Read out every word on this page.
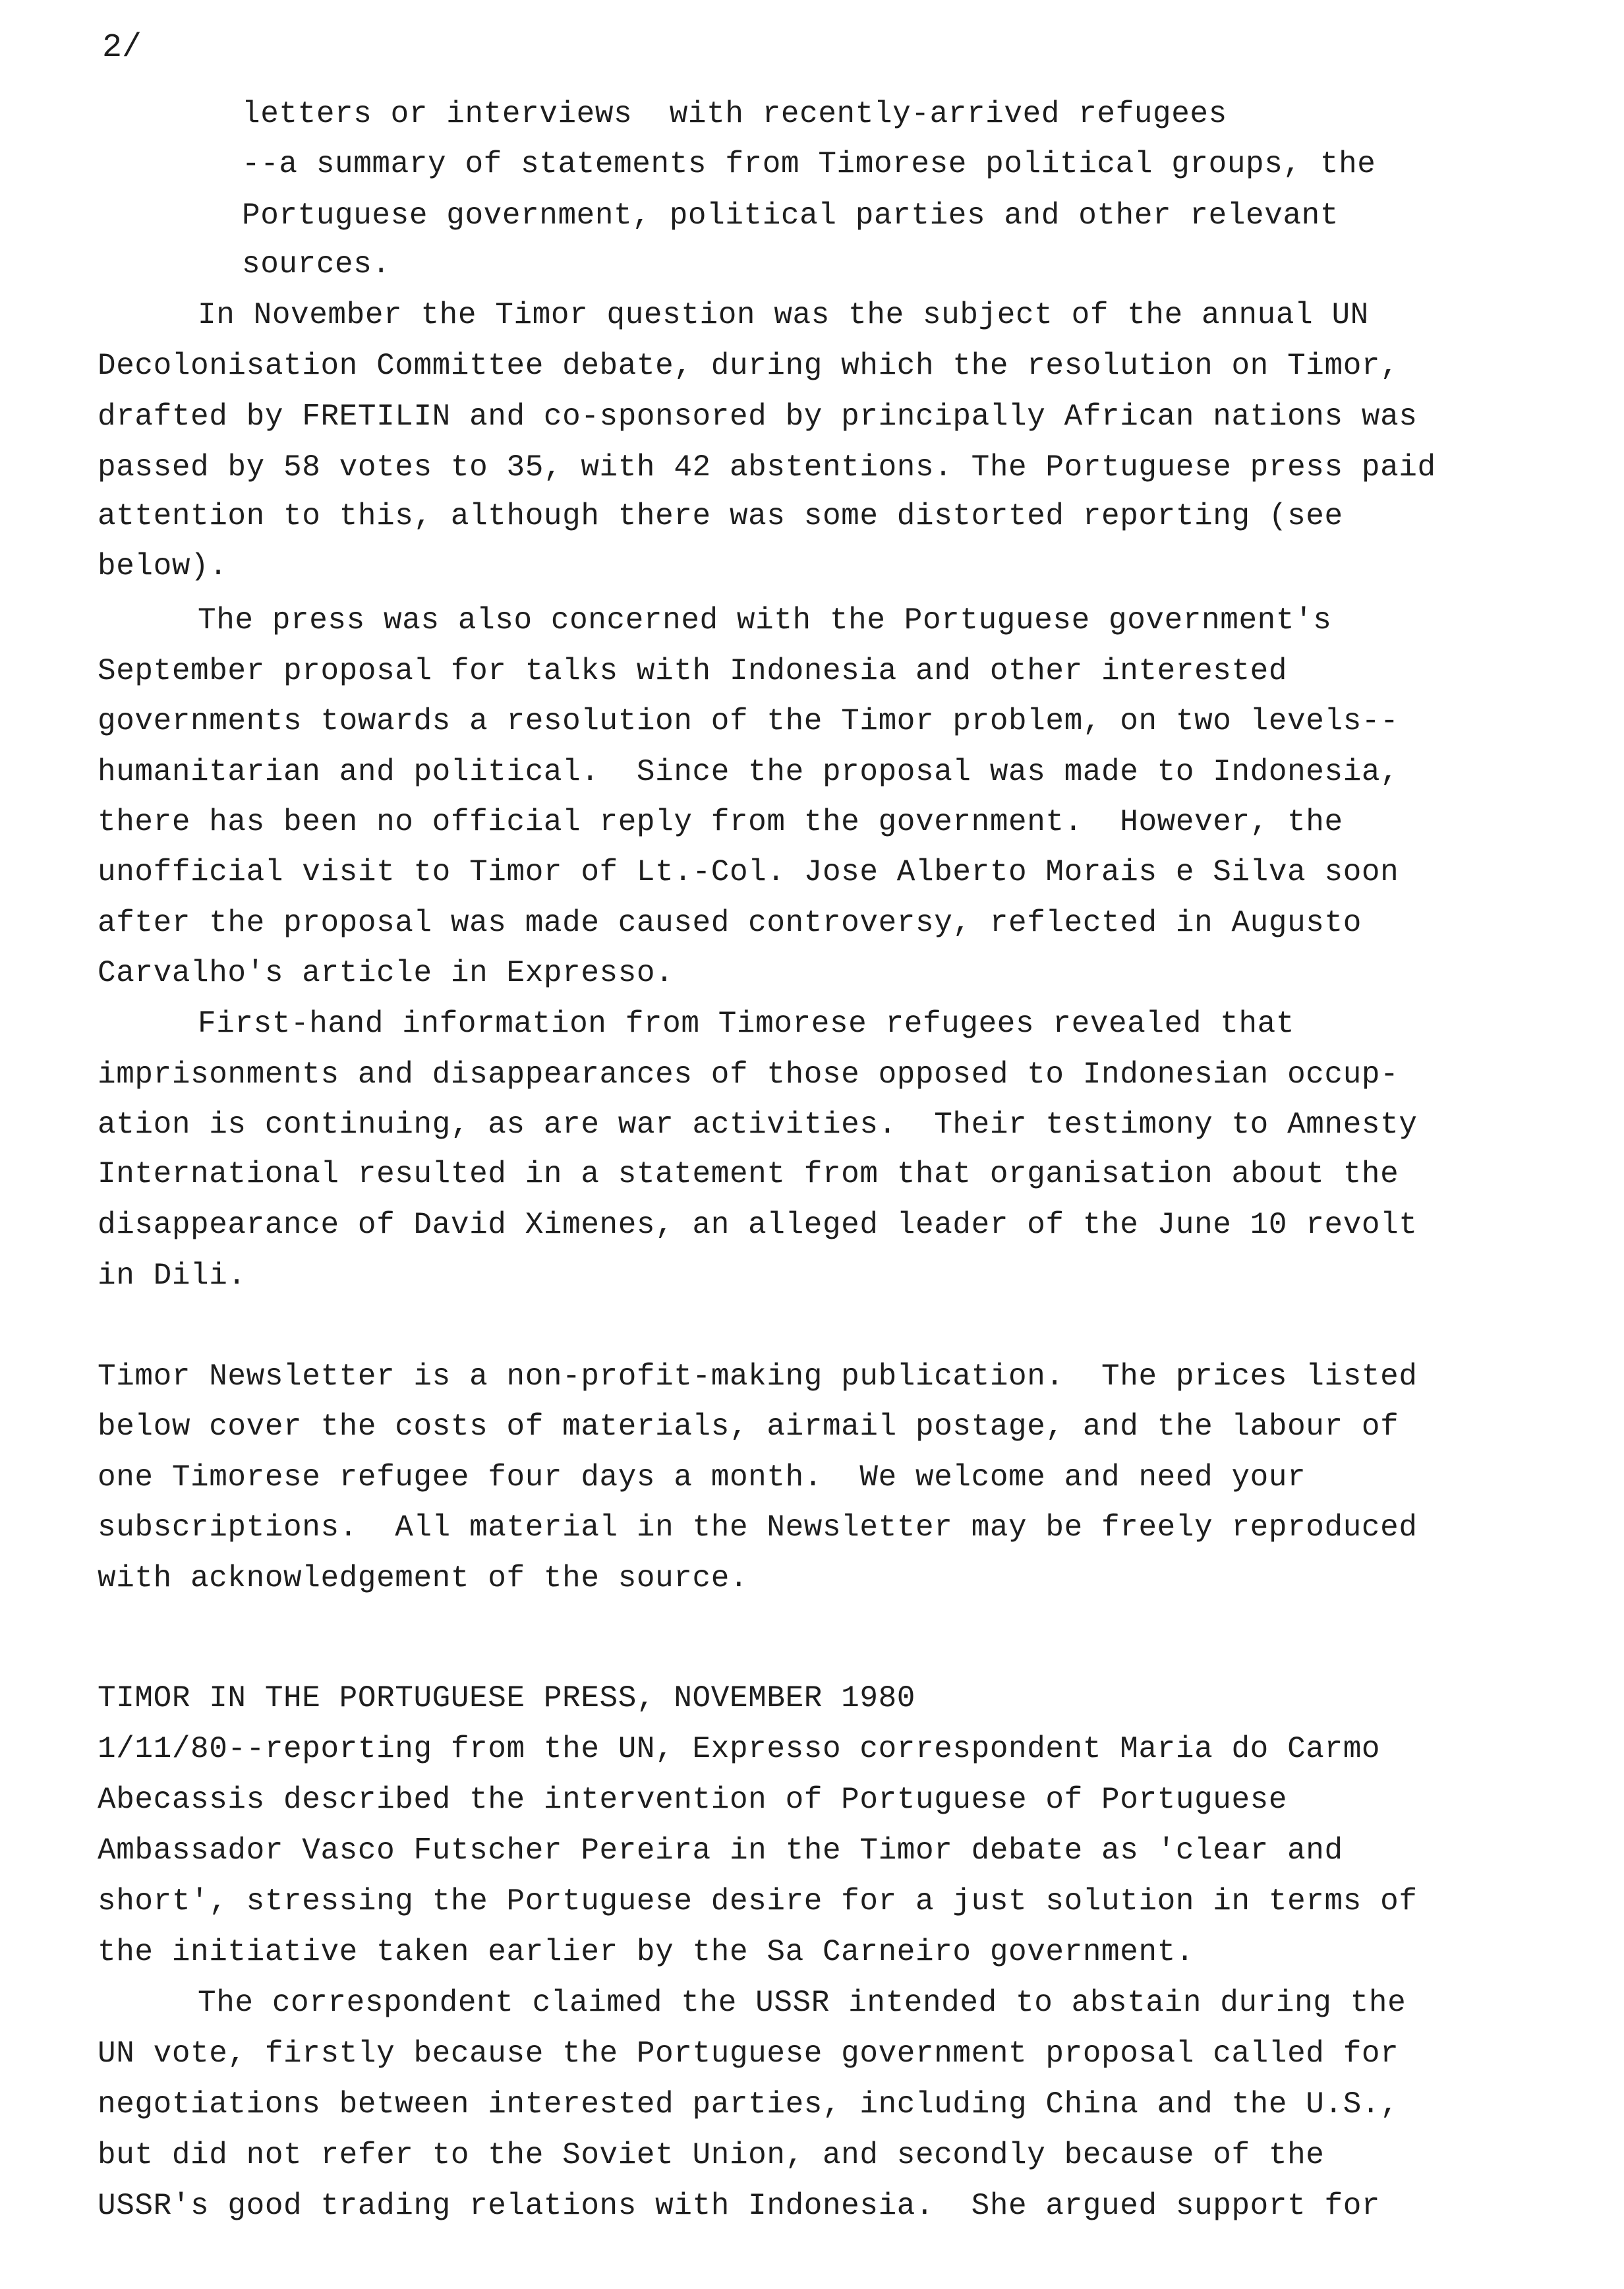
2/
letters or interviews  with recently-arrived refugees
--a summary of statements from Timorese political groups, the
Portuguese government, political parties and other relevant
sources.
In November the Timor question was the subject of the annual UN
Decolonisation Committee debate, during which the resolution on Timor,
drafted by FRETILIN and co-sponsored by principally African nations was
passed by 58 votes to 35, with 42 abstentions. The Portuguese press paid
attention to this, although there was some distorted reporting (see
below).
The press was also concerned with the Portuguese government's
September proposal for talks with Indonesia and other interested
governments towards a resolution of the Timor problem, on two levels--
humanitarian and political.  Since the proposal was made to Indonesia,
there has been no official reply from the government.  However, the
unofficial visit to Timor of Lt.-Col. Jose Alberto Morais e Silva soon
after the proposal was made caused controversy, reflected in Augusto
Carvalho's article in Expresso.
First-hand information from Timorese refugees revealed that
imprisonments and disappearances of those opposed to Indonesian occup-
ation is continuing, as are war activities.  Their testimony to Amnesty
International resulted in a statement from that organisation about the
disappearance of David Ximenes, an alleged leader of the June 10 revolt
in Dili.
Timor Newsletter is a non-profit-making publication.  The prices listed
below cover the costs of materials, airmail postage, and the labour of
one Timorese refugee four days a month.  We welcome and need your
subscriptions.  All material in the Newsletter may be freely reproduced
with acknowledgement of the source.
TIMOR IN THE PORTUGUESE PRESS, NOVEMBER 1980
1/11/80--reporting from the UN, Expresso correspondent Maria do Carmo
Abecassis described the intervention of Portuguese of Portuguese
Ambassador Vasco Futscher Pereira in the Timor debate as 'clear and
short', stressing the Portuguese desire for a just solution in terms of
the initiative taken earlier by the Sa Carneiro government.
The correspondent claimed the USSR intended to abstain during the
UN vote, firstly because the Portuguese government proposal called for
negotiations between interested parties, including China and the U.S.,
but did not refer to the Soviet Union, and secondly because of the
USSR's good trading relations with Indonesia.  She argued support for
